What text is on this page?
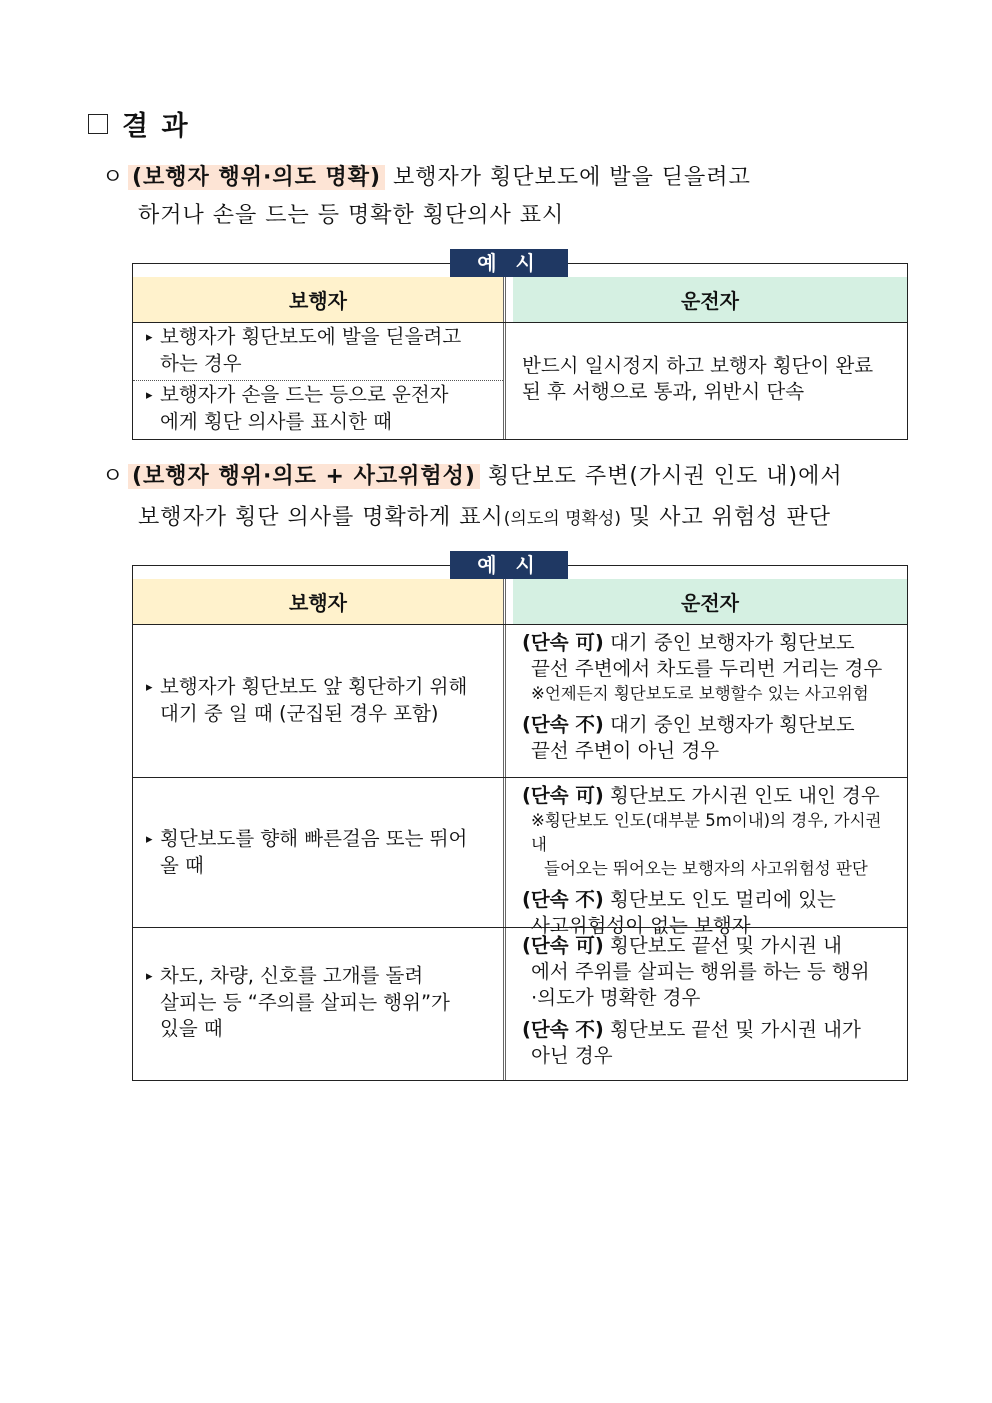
결 과
ㅇ (보행자 행위·의도 명확) 보행자가 횡단보도에 발을 딛을려고
하거나 손을 드는 등 명확한 횡단의사 표시
예 시
보행자	운전자
▸ 보행자가 횡단보도에 발을 딛을려고
하는 경우
▸ 보행자가 손을 드는 등으로 운전자
에게 횡단 의사를 표시한 때
반드시 일시정지 하고 보행자 횡단이 완료
된 후 서행으로 통과, 위반시 단속
ㅇ (보행자 행위·의도 + 사고위험성) 횡단보도 주변(가시권 인도 내)에서
보행자가 횡단 의사를 명확하게 표시(의도의 명확성) 및 사고 위험성 판단
예 시
보행자	운전자
▸ 보행자가 횡단보도 앞 횡단하기 위해
대기 중 일 때 (군집된 경우 포함)
(단속 可) 대기 중인 보행자가 횡단보도
끝선 주변에서 차도를 두리번 거리는 경우
※언제든지 횡단보도로 보행할수 있는 사고위험
(단속 不) 대기 중인 보행자가 횡단보도
끝선 주변이 아닌 경우
▸ 횡단보도를 향해 빠른걸음 또는 뛰어
올 때
(단속 可) 횡단보도 가시권 인도 내인 경우
※횡단보도 인도(대부분 5m이내)의 경우, 가시권 내
들어오는 뛰어오는 보행자의 사고위험성 판단
(단속 不) 횡단보도 인도 멀리에 있는
사고위험성이 없는 보행자
▸ 차도, 차량, 신호를 고개를 돌려
살피는 등 “주의를 살피는 행위”가
있을 때
(단속 可) 횡단보도 끝선 및 가시권 내
에서 주위를 살피는 행위를 하는 등 행위
·의도가 명확한 경우
(단속 不) 횡단보도 끝선 및 가시권 내가
아닌 경우
